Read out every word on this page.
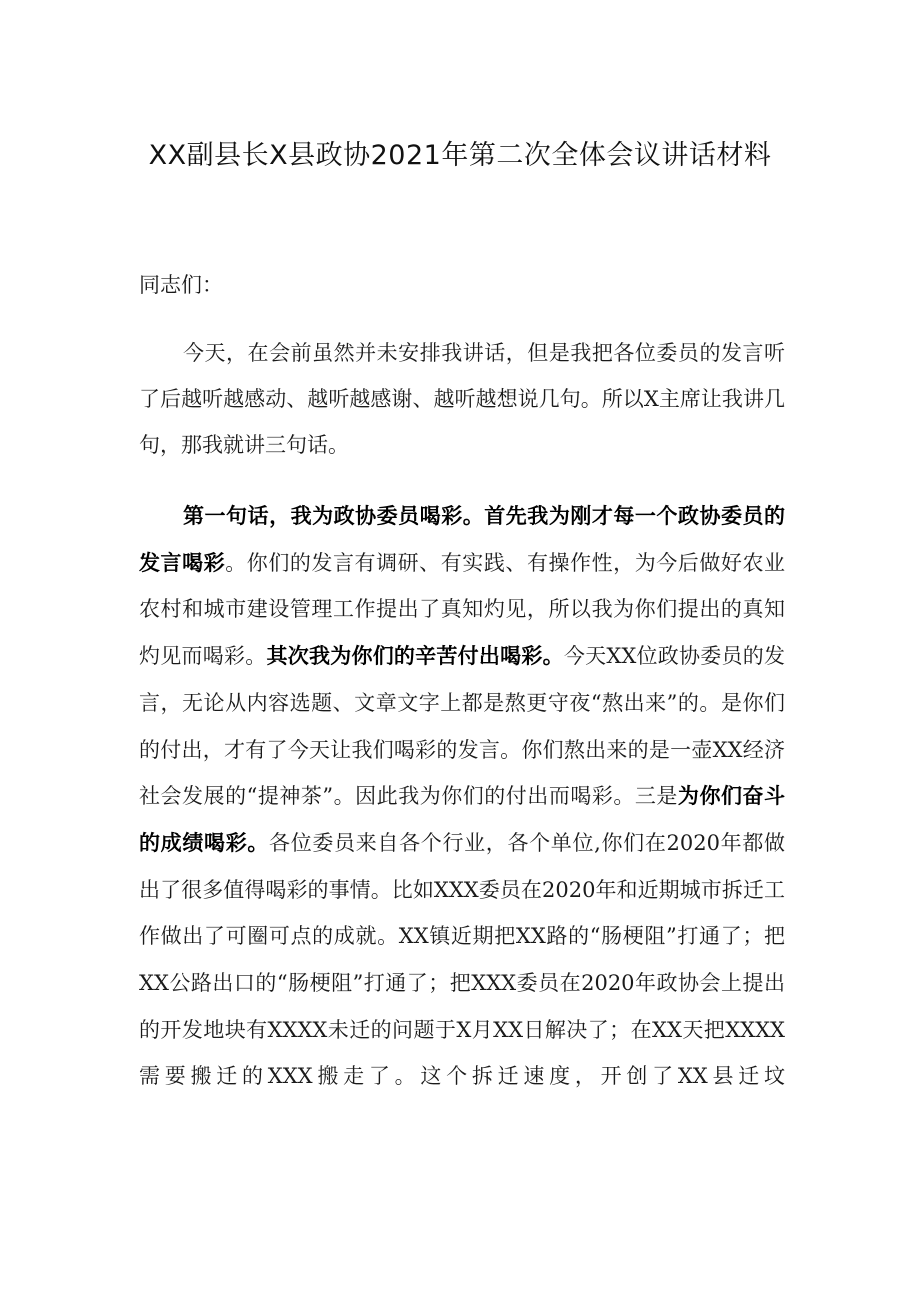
XX副县长X县政协2021年第二次全体会议讲话材料
同志们：
今天，在会前虽然并未安排我讲话，但是我把各位委员的发言听了后越听越感动、越听越感谢、越听越想说几句。所以X主席让我讲几句，那我就讲三句话。
第一句话，我为政协委员喝彩。首先我为刚才每一个政协委员的发言喝彩。你们的发言有调研、有实践、有操作性，为今后做好农业农村和城市建设管理工作提出了真知灼见，所以我为你们提出的真知灼见而喝彩。其次我为你们的辛苦付出喝彩。今天XX位政协委员的发言，无论从内容选题、文章文字上都是熬更守夜“熬出来”的。是你们的付出，才有了今天让我们喝彩的发言。你们熬出来的是一壶XX经济社会发展的“提神茶”。因此我为你们的付出而喝彩。三是为你们奋斗的成绩喝彩。各位委员来自各个行业，各个单位,你们在2020年都做出了很多值得喝彩的事情。比如XXX委员在2020年和近期城市拆迁工作做出了可圈可点的成就。XX镇近期把XX路的“肠梗阻”打通了；把XX公路出口的“肠梗阻”打通了；把XXX委员在2020年政协会上提出的开发地块有XXXX未迁的问题于X月XX日解决了；在XX天把XXXX需要搬迁的XXX搬走了。这个拆迁速度，开创了XX县迁坟
